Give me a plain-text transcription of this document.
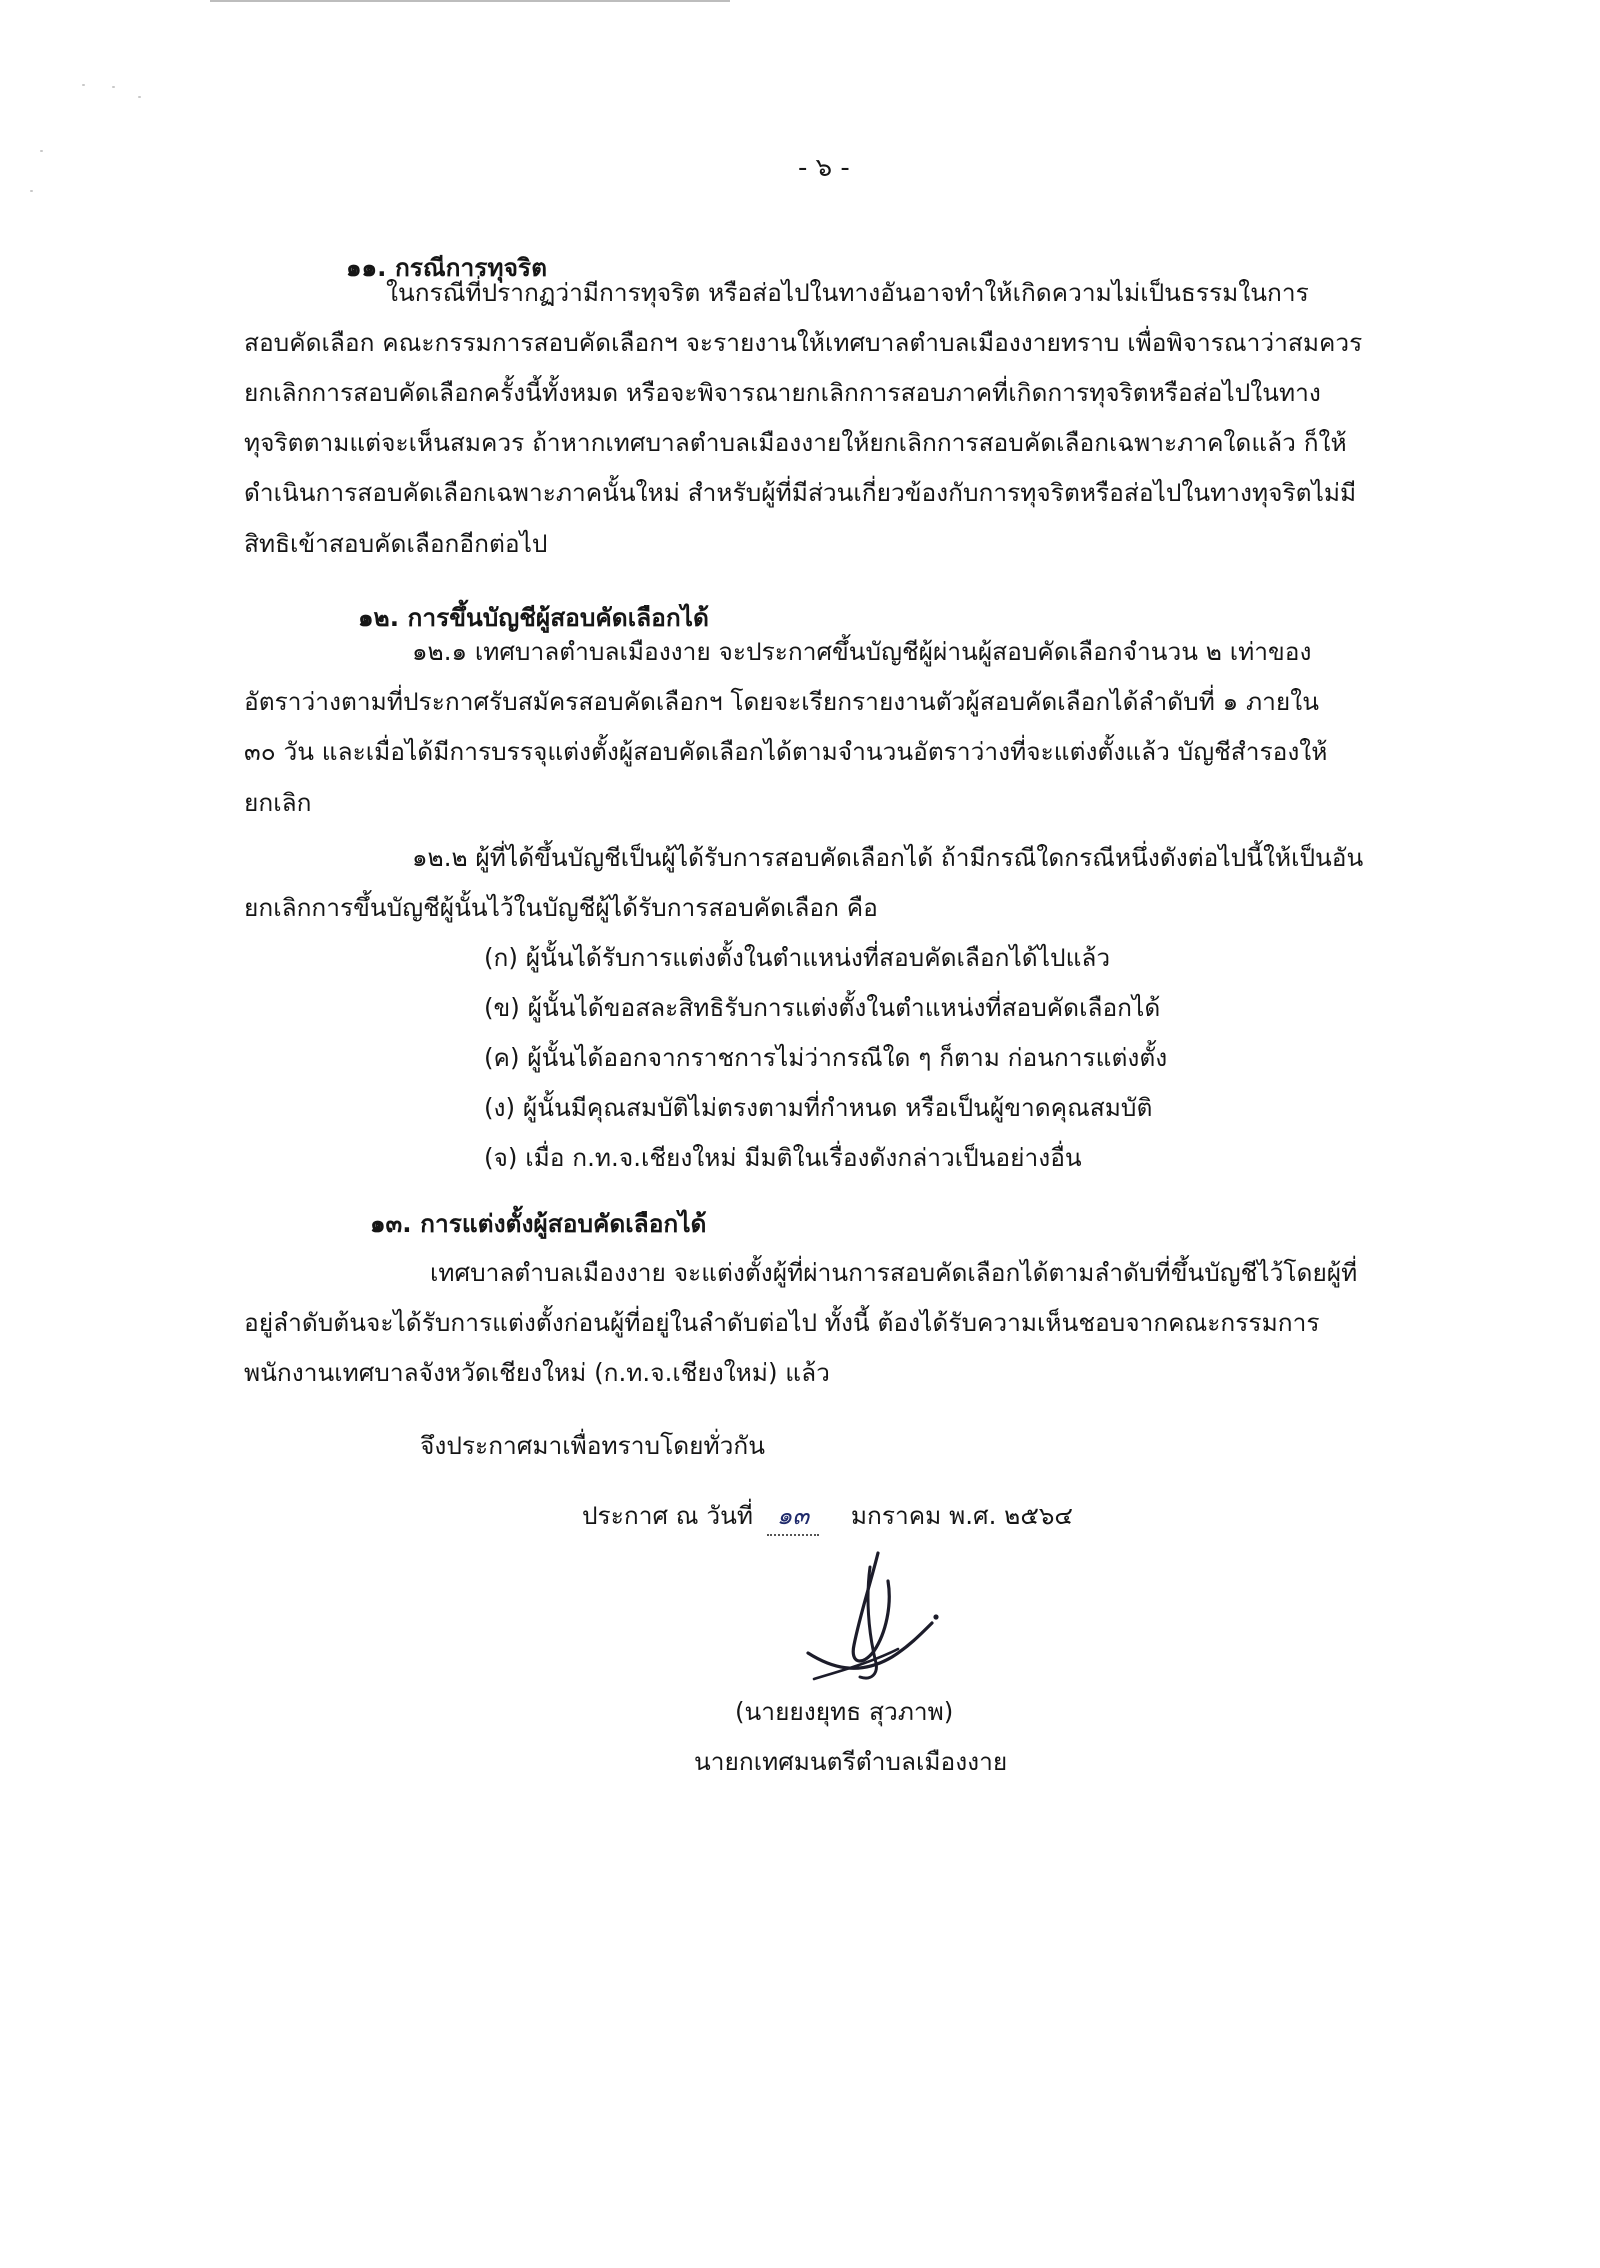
- ๖ -
๑๑. กรณีการทุจริต
ในกรณีที่ปรากฏว่ามีการทุจริต หรือส่อไปในทางอันอาจทำให้เกิดความไม่เป็นธรรมในการ
สอบคัดเลือก คณะกรรมการสอบคัดเลือกฯ จะรายงานให้เทศบาลตำบลเมืองงายทราบ เพื่อพิจารณาว่าสมควร
ยกเลิกการสอบคัดเลือกครั้งนี้ทั้งหมด หรือจะพิจารณายกเลิกการสอบภาคที่เกิดการทุจริตหรือส่อไปในทาง
ทุจริตตามแต่จะเห็นสมควร ถ้าหากเทศบาลตำบลเมืองงายให้ยกเลิกการสอบคัดเลือกเฉพาะภาคใดแล้ว ก็ให้
ดำเนินการสอบคัดเลือกเฉพาะภาคนั้นใหม่ สำหรับผู้ที่มีส่วนเกี่ยวข้องกับการทุจริตหรือส่อไปในทางทุจริตไม่มี
สิทธิเข้าสอบคัดเลือกอีกต่อไป
๑๒. การขึ้นบัญชีผู้สอบคัดเลือกได้
๑๒.๑ เทศบาลตำบลเมืองงาย จะประกาศขึ้นบัญชีผู้ผ่านผู้สอบคัดเลือกจำนวน ๒ เท่าของ
อัตราว่างตามที่ประกาศรับสมัครสอบคัดเลือกฯ โดยจะเรียกรายงานตัวผู้สอบคัดเลือกได้ลำดับที่ ๑ ภายใน
๓๐ วัน และเมื่อได้มีการบรรจุแต่งตั้งผู้สอบคัดเลือกได้ตามจำนวนอัตราว่างที่จะแต่งตั้งแล้ว บัญชีสำรองให้
ยกเลิก
๑๒.๒ ผู้ที่ได้ขึ้นบัญชีเป็นผู้ได้รับการสอบคัดเลือกได้ ถ้ามีกรณีใดกรณีหนึ่งดังต่อไปนี้ให้เป็นอัน
ยกเลิกการขึ้นบัญชีผู้นั้นไว้ในบัญชีผู้ได้รับการสอบคัดเลือก คือ
(ก) ผู้นั้นได้รับการแต่งตั้งในตำแหน่งที่สอบคัดเลือกได้ไปแล้ว
(ข) ผู้นั้นได้ขอสละสิทธิรับการแต่งตั้งในตำแหน่งที่สอบคัดเลือกได้
(ค) ผู้นั้นได้ออกจากราชการไม่ว่ากรณีใด ๆ ก็ตาม ก่อนการแต่งตั้ง
(ง) ผู้นั้นมีคุณสมบัติไม่ตรงตามที่กำหนด หรือเป็นผู้ขาดคุณสมบัติ
(จ) เมื่อ ก.ท.จ.เชียงใหม่ มีมติในเรื่องดังกล่าวเป็นอย่างอื่น
๑๓. การแต่งตั้งผู้สอบคัดเลือกได้
เทศบาลตำบลเมืองงาย จะแต่งตั้งผู้ที่ผ่านการสอบคัดเลือกได้ตามลำดับที่ขึ้นบัญชีไว้โดยผู้ที่
อยู่ลำดับต้นจะได้รับการแต่งตั้งก่อนผู้ที่อยู่ในลำดับต่อไป ทั้งนี้ ต้องได้รับความเห็นชอบจากคณะกรรมการ
พนักงานเทศบาลจังหวัดเชียงใหม่ (ก.ท.จ.เชียงใหม่) แล้ว
จึงประกาศมาเพื่อทราบโดยทั่วกัน
ประกาศ ณ วันที่ ๑๓ มกราคม พ.ศ. ๒๕๖๔
(นายยงยุทธ สุวภาพ)
นายกเทศมนตรีตำบลเมืองงาย
